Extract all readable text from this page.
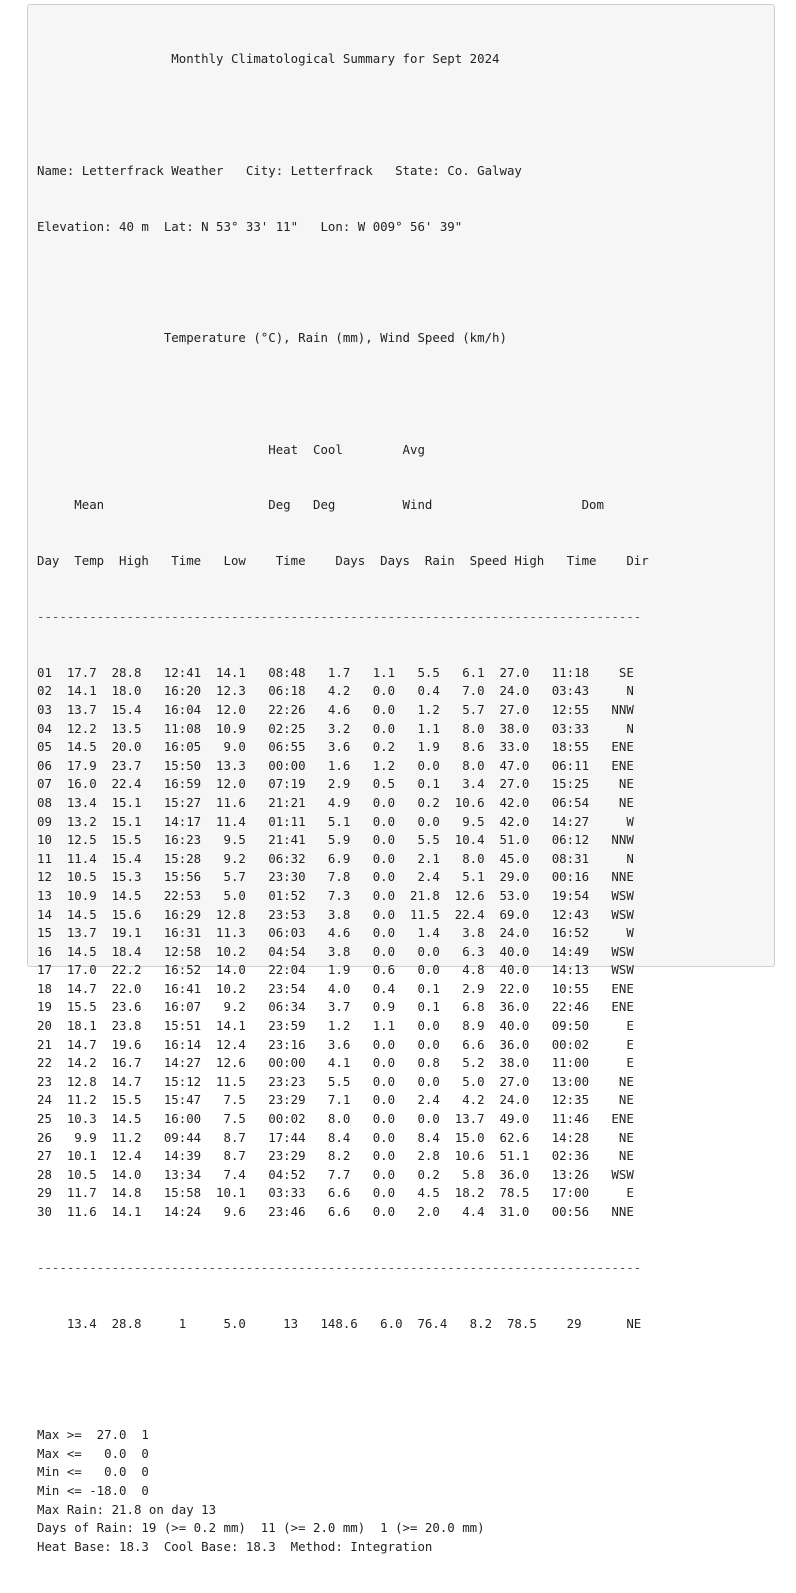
Monthly Climatological Summary for Sept 2024

Name: Letterfrack Weather   City: Letterfrack   State: Co. Galway

Elevation: 40 m  Lat: N 53° 33' 11"   Lon: W 009° 56' 39"

Temperature (°C), Rain (mm), Wind Speed (km/h)

Heat  Cool        Avg

Mean                      Deg   Deg         Wind                    Dom

Day  Temp  High   Time   Low    Time    Days  Days  Rain  Speed High   Time    Dir

---------------------------------------------------------------------------------

01  17.7  28.8   12:41  14.1   08:48   1.7   1.1   5.5   6.1  27.0   11:18    SE
02  14.1  18.0   16:20  12.3   06:18   4.2   0.0   0.4   7.0  24.0   03:43     N
03  13.7  15.4   16:04  12.0   22:26   4.6   0.0   1.2   5.7  27.0   12:55   NNW
04  12.2  13.5   11:08  10.9   02:25   3.2   0.0   1.1   8.0  38.0   03:33     N
05  14.5  20.0   16:05   9.0   06:55   3.6   0.2   1.9   8.6  33.0   18:55   ENE
06  17.9  23.7   15:50  13.3   00:00   1.6   1.2   0.0   8.0  47.0   06:11   ENE
07  16.0  22.4   16:59  12.0   07:19   2.9   0.5   0.1   3.4  27.0   15:25    NE
08  13.4  15.1   15:27  11.6   21:21   4.9   0.0   0.2  10.6  42.0   06:54    NE
09  13.2  15.1   14:17  11.4   01:11   5.1   0.0   0.0   9.5  42.0   14:27     W
10  12.5  15.5   16:23   9.5   21:41   5.9   0.0   5.5  10.4  51.0   06:12   NNW
11  11.4  15.4   15:28   9.2   06:32   6.9   0.0   2.1   8.0  45.0   08:31     N
12  10.5  15.3   15:56   5.7   23:30   7.8   0.0   2.4   5.1  29.0   00:16   NNE
13  10.9  14.5   22:53   5.0   01:52   7.3   0.0  21.8  12.6  53.0   19:54   WSW
14  14.5  15.6   16:29  12.8   23:53   3.8   0.0  11.5  22.4  69.0   12:43   WSW
15  13.7  19.1   16:31  11.3   06:03   4.6   0.0   1.4   3.8  24.0   16:52     W
16  14.5  18.4   12:58  10.2   04:54   3.8   0.0   0.0   6.3  40.0   14:49   WSW
17  17.0  22.2   16:52  14.0   22:04   1.9   0.6   0.0   4.8  40.0   14:13   WSW
18  14.7  22.0   16:41  10.2   23:54   4.0   0.4   0.1   2.9  22.0   10:55   ENE
19  15.5  23.6   16:07   9.2   06:34   3.7   0.9   0.1   6.8  36.0   22:46   ENE
20  18.1  23.8   15:51  14.1   23:59   1.2   1.1   0.0   8.9  40.0   09:50     E
21  14.7  19.6   16:14  12.4   23:16   3.6   0.0   0.0   6.6  36.0   00:02     E
22  14.2  16.7   14:27  12.6   00:00   4.1   0.0   0.8   5.2  38.0   11:00     E
23  12.8  14.7   15:12  11.5   23:23   5.5   0.0   0.0   5.0  27.0   13:00    NE
24  11.2  15.5   15:47   7.5   23:29   7.1   0.0   2.4   4.2  24.0   12:35    NE
25  10.3  14.5   16:00   7.5   00:02   8.0   0.0   0.0  13.7  49.0   11:46   ENE
26   9.9  11.2   09:44   8.7   17:44   8.4   0.0   8.4  15.0  62.6   14:28    NE
27  10.1  12.4   14:39   8.7   23:29   8.2   0.0   2.8  10.6  51.1   02:36    NE
28  10.5  14.0   13:34   7.4   04:52   7.7   0.0   0.2   5.8  36.0   13:26   WSW
29  11.7  14.8   15:58  10.1   03:33   6.6   0.0   4.5  18.2  78.5   17:00     E
30  11.6  14.1   14:24   9.6   23:46   6.6   0.0   2.0   4.4  31.0   00:56   NNE

---------------------------------------------------------------------------------

13.4  28.8     1     5.0     13   148.6   6.0  76.4   8.2  78.5    29      NE

Max >=  27.0  1
Max <=   0.0  0
Min <=   0.0  0
Min <= -18.0  0
Max Rain: 21.8 on day 13
Days of Rain: 19 (>= 0.2 mm)  11 (>= 2.0 mm)  1 (>= 20.0 mm)
Heat Base: 18.3  Cool Base: 18.3  Method: Integration
